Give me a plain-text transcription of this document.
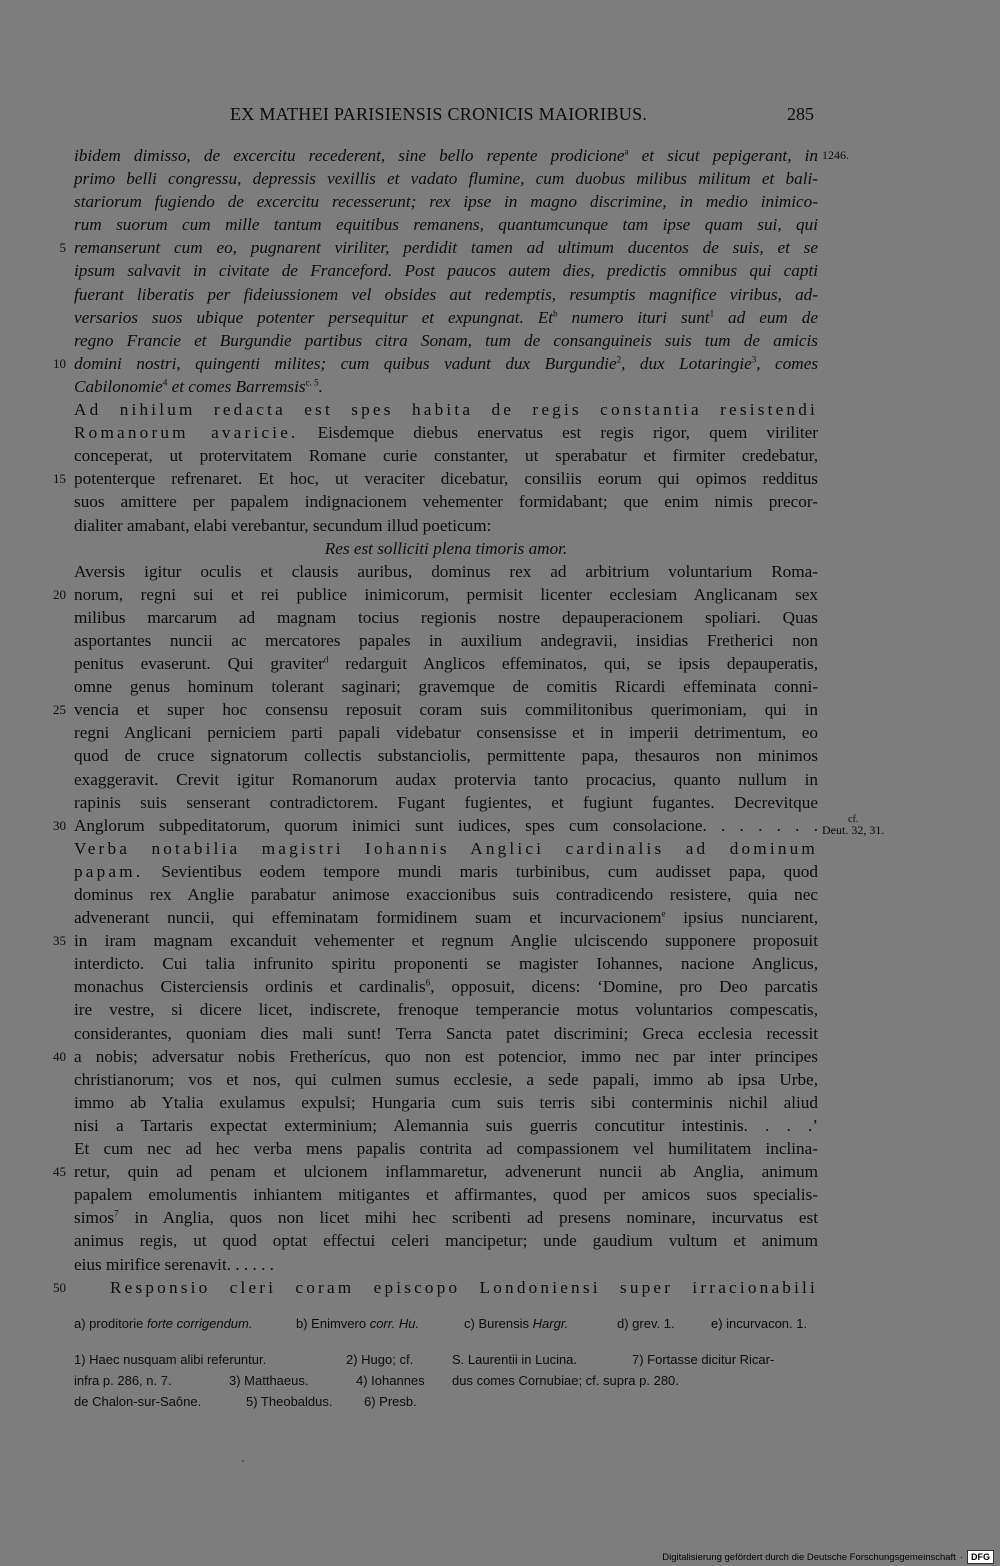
EX MATHEI PARISIENSIS CRONICIS MAIORIBUS.	285
ibidem dimisso, de excercitu recederent, sine bello repente prodicione$^a$ et sicut pepigerant, in 1246.
primo belli congressu, depressis vexillis et vadato flumine, cum duobus milibus militum et bali-
stariorum fugiendo de excercitu recesserunt; rex ipse in magno discrimine, in medio inimico-
rum suorum cum mille tantum equitibus remanens, quantumcunque tam ipse quam sui, qui
5 remanserunt cum eo, pugnarent viriliter, perdidit tamen ad ultimum ducentos de suis, et se
ipsum salvavit in civitate de Franceford. Post paucos autem dies, predictis omnibus qui capti
fuerant liberatis per fideiussionem vel obsides aut redemptis, resumptis magnifice viribus, ad-
versarios suos ubique potenter persequitur et expungnat. Et$^b$ numero ituri sunt$^1$ ad eum de
regno Francie et Burgundie partibus citra Sonam, tum de consanguineis suis tum de amicis
10 domini nostri, quingenti milites; cum quibus vadunt dux Burgundie$^2$, dux Lotaringie$^3$, comes
Cabilonomie$^4$ et comes Barremsis$^{c. 5}$.
Ad nihilum redacta est spes habita de regis constantia resistendi
Romanorum avaricie. Eisdemque diebus enervatus est regis rigor, quem viriliter
conceperat, ut protervitatem Romane curie constanter, ut sperabatur et firmiter credebatur,
15 potenterque refrenaret. Et hoc, ut veraciter dicebatur, consiliis eorum qui opimos redditus
suos amittere per papalem indignacionem vehementer formidabant; que enim nimis precor-
dialiter amabant, elabi verebantur, secundum illud poeticum:
Res est solliciti plena timoris amor.
Aversis igitur oculis et clausis auribus, dominus rex ad arbitrium voluntarium Roma-
20 norum, regni sui et rei publice inimicorum, permisit licenter ecclesiam Anglicanam sex
milibus marcarum ad magnam tocius regionis nostre depauperacionem spoliari. Quas
asportantes nuncii ac mercatores papales in auxilium andegravii, insidias Fretherici non
penitus evaserunt. Qui graviter$^d$ redarguit Anglicos effeminatos, qui, se ipsis depauperatis,
omne genus hominum tolerant saginari; gravemque de comitis Ricardi effeminata conni-
25 vencia et super hoc consensu reposuit coram suis commilitonibus querimoniam, qui in
regni Anglicani perniciem parti papali videbatur consensisse et in imperii detrimentum, eo
quod de cruce signatorum collectis substanciolis, permittente papa, thesauros non minimos
exaggeravit. Crevit igitur Romanorum audax protervia tanto procacius, quanto nullum in
rapinis suis senserant contradictorem. Fugant fugientes, et fugiunt fugantes. Decrevitque
30 Anglorum subpeditatorum, quorum inimici sunt iudices, spes cum consolacione. . . . . . .	cf.
Deut. 32, 31.
Verba notabilia magistri Iohannis Anglici cardinalis ad dominum
papam. Sevientibus eodem tempore mundi maris turbinibus, cum audisset papa, quod
dominus rex Anglie parabatur animose exaccionibus suis contradicendo resistere, quia nec
advenerant nuncii, qui effeminatam formidinem suam et incurvacionem$^e$ ipsius nunciarent,
35 in iram magnam excanduit vehementer et regnum Anglie ulciscendo supponere proposuit
interdicto. Cui talia infrunito spiritu proponenti se magister Iohannes, nacione Anglicus,
monachus Cisterciensis ordinis et cardinalis$^6$, opposuit, dicens: ‘Domine, pro Deo parcatis
ire vestre, si dicere licet, indiscrete, frenoque temperancie motus voluntarios compescatis,
considerantes, quoniam dies mali sunt! Terra Sancta patet discrimini; Greca ecclesia recessit
40 a nobis; adversatur nobis Fretherícus, quo non est potencior, immo nec par inter principes
christianorum; vos et nos, qui culmen sumus ecclesie, a sede papali, immo ab ipsa Urbe,
immo ab Ytalia exulamus expulsi; Hungaria cum suis terris sibi conterminis nichil aliud
nisi a Tartaris expectat exterminium; Alemannia suis guerris concutitur intestinis. . . .’
Et cum nec ad hec verba mens papalis contrita ad compassionem vel humilitatem inclina-
45 retur, quin ad penam et ulcionem inflammaretur, advenerunt nuncii ab Anglia, animum
papalem emolumentis inhiantem mitigantes et affirmantes, quod per amicos suos specialis-
simos$^7$ in Anglia, quos non licet mihi hec scribenti ad presens nominare, incurvatus est
animus regis, ut quod optat effectui celeri mancipetur; unde gaudium vultum et animum
eius mirifice serenavit. . . . . .
50	Responsio cleri coram episcopo Londoniensi super irracionabili
a) proditorie forte corrigendum.	b) Enimvero corr. Hu.	c) Burensis Hargr.	d) grev. 1.	e) incurvacon. 1.
1) Haec nusquam alibi referuntur.	2) Hugo; cf.	S. Laurentii in Lucina.	7) Fortasse dicitur Ricar-
infra p. 286, n. 7.	3) Matthaeus.	4) Iohannes dus comes Cornubiae; cf. supra p. 280.
de Chalon-sur-Saône.	5) Theobaldus. 6) Presb.
Digitalisierung gefördert durch die Deutsche Forschungsgemeinschaft · DFG
